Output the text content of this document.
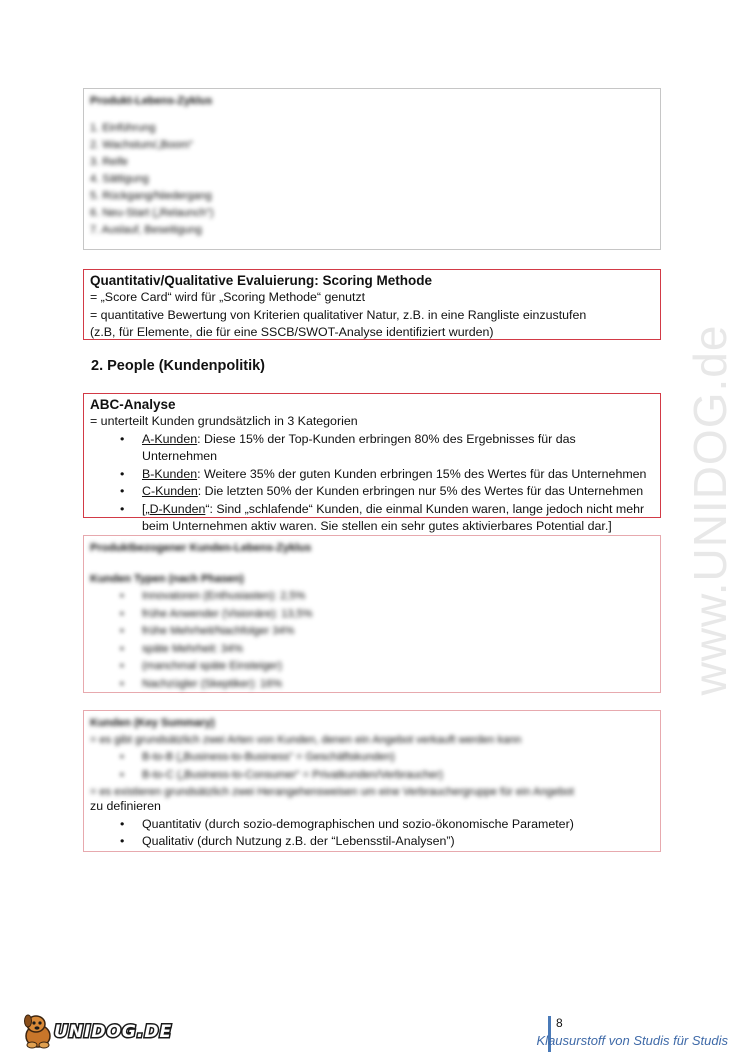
www.UNIDOG.de
Produkt-Lebens-Zyklus
1. Einführung
2. Wachstum/„Boom“
3. Reife
4. Sättigung
5. Rückgang/Niedergang
6. Neu-Start („Relaunch“)
7. Auslauf, Beseitigung
Quantitativ/Qualitative Evaluierung: Scoring Methode
= „Score Card“ wird für „Scoring Methode“ genutzt
= quantitative Bewertung von Kriterien qualitativer Natur, z.B. in eine Rangliste einzustufen
(z.B, für Elemente, die für eine SSCB/SWOT-Analyse identifiziert wurden)
2. People (Kundenpolitik)
ABC-Analyse
= unterteilt Kunden grundsätzlich in 3 Kategorien
• A-Kunden: Diese 15% der Top-Kunden erbringen 80% des Ergebnisses für das Unternehmen
• B-Kunden: Weitere 35% der guten Kunden erbringen 15% des Wertes für das Unternehmen
• C-Kunden: Die letzten 50% der Kunden erbringen nur 5% des Wertes für das Unternehmen
• [„D-Kunden“: Sind „schlafende“ Kunden, die einmal Kunden waren, lange jedoch nicht mehr
beim Unternehmen aktiv waren. Sie stellen ein sehr gutes aktivierbares Potential dar.]
Produktbezogener Kunden-Lebens-Zyklus
Kunden Typen (nach Phasen)
• Innovatoren (Enthusiasten): 2,5%
• frühe Anwender (Visionäre): 13,5%
• frühe Mehrheit/Nachfolger 34%
• späte Mehrheit: 34%
• (manchmal späte Einsteiger)
• Nachzügler (Skeptiker): 16%
Kunden (Key Summary)
= es gibt grundsätzlich zwei Arten von Kunden, denen ein Angebot verkauft werden kann
• B-to-B („Business-to-Business“ = Geschäftskunden)
• B-to-C („Business-to-Consumer“ = Privatkunden/Verbraucher)
= es existieren grundsätzlich zwei Herangehensweisen um eine Verbrauchergruppe für ein Angebot
zu definieren
• Quantitativ (durch sozio-demographischen und sozio-ökonomische Parameter)
• Qualitativ (durch Nutzung z.B. der “Lebensstil-Analysen”)
UNIDOG.DE	8
Klausurstoff von Studis für Studis
